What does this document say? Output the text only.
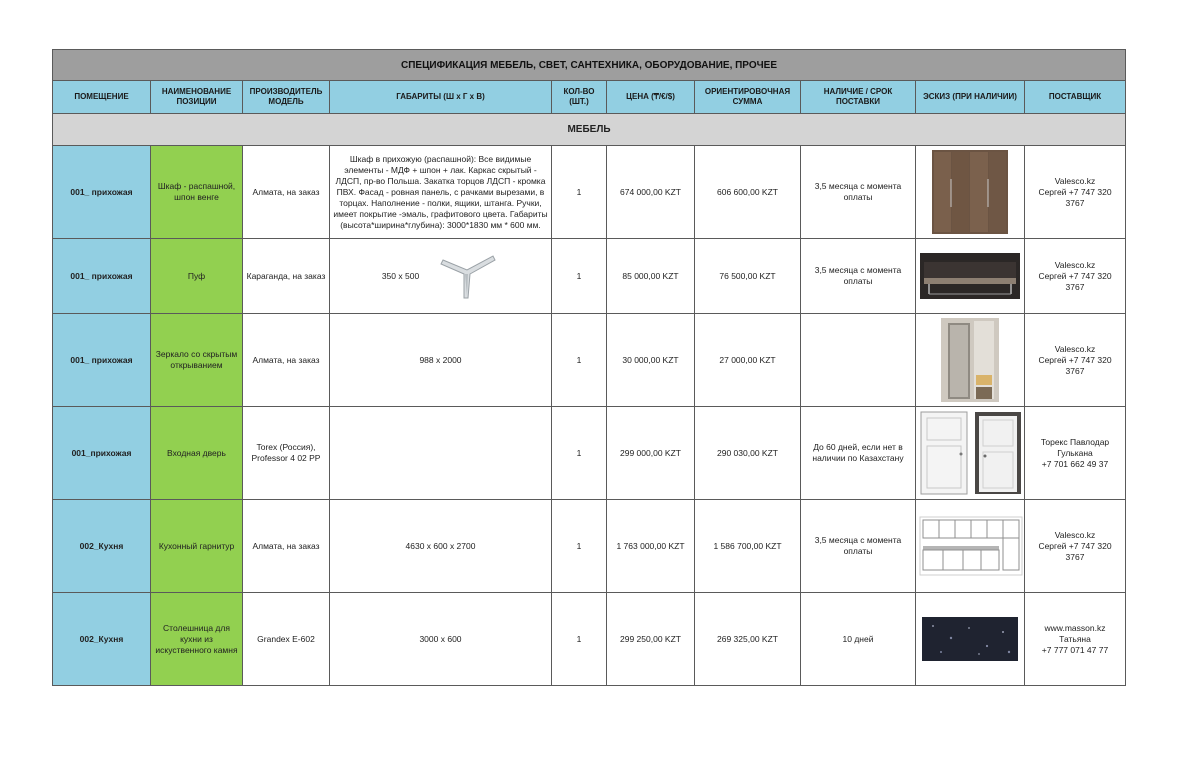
СПЕЦИФИКАЦИЯ МЕБЕЛЬ, СВЕТ, САНТЕХНИКА, ОБОРУДОВАНИЕ, ПРОЧЕЕ									
ПОМЕЩЕНИЕ	НАИМЕНОВАНИЕ ПОЗИЦИИ	ПРОИЗВОДИТЕЛЬ МОДЕЛЬ	ГАБАРИТЫ (Ш х Г х В)	КОЛ-ВО (ШТ.)	ЦЕНА (₸/€/$)	ОРИЕНТИРОВОЧНАЯ СУММА	НАЛИЧИЕ / СРОК ПОСТАВКИ	ЭСКИЗ (ПРИ НАЛИЧИИ)	ПОСТАВЩИК
МЕБЕЛЬ									
001_ прихожая	Шкаф - распашной, шпон венге	Алмата, на заказ	Шкаф в прихожую (распашной): Все видимые элементы - МДФ + шпон + лак. Каркас скрытый - ЛДСП, пр-во Польша. Закатка торцов ЛДСП - кромка ПВХ. Фасад - ровная панель, с рачками вырезами, в торцах. Наполнение - полки, ящики, штанга. Ручки, имеет покрытие -эмаль, графитового цвета. Габариты (высота*ширина*глубина): 3000*1830 мм * 600 мм.	1	674 000,00 KZT	606 600,00 KZT	3,5 месяца с момента оплаты		Valesco.kz
Сергей +7 747 320 3767

001_ прихожая	Пуф	Караганда, на заказ	350 х 500	1	85 000,00 KZT	76 500,00 KZT	3,5 месяца с момента оплаты		Valesco.kz
Сергей +7 747 320 3767

001_ прихожая	Зеркало со скрытым открыванием	Алмата, на заказ	988 х 2000	1	30 000,00 KZT	27 000,00 KZT			Valesco.kz
Сергей +7 747 320 3767

001_прихожая	Входная дверь	Torex (Россия), Professor 4 02 PP		1	299 000,00 KZT	290 030,00 KZT	До 60 дней, если нет в наличии по Казахстану		Торекс Павлодар
Гулькана
+7 701 662 49 37

002_Кухня	Кухонный гарнитур	Алмата, на заказ	4630 х 600 х 2700	1	1 763 000,00 KZT	1 586 700,00 KZT	3,5 месяца с момента оплаты		Valesco.kz
Сергей +7 747 320 3767

002_Кухня	Столешница для кухни из искуственного камня	Grandex E-602	3000 х 600	1	299 250,00 KZT	269 325,00 KZT	10 дней		www.masson.kz
Татьяна
+7 777 071 47 77
